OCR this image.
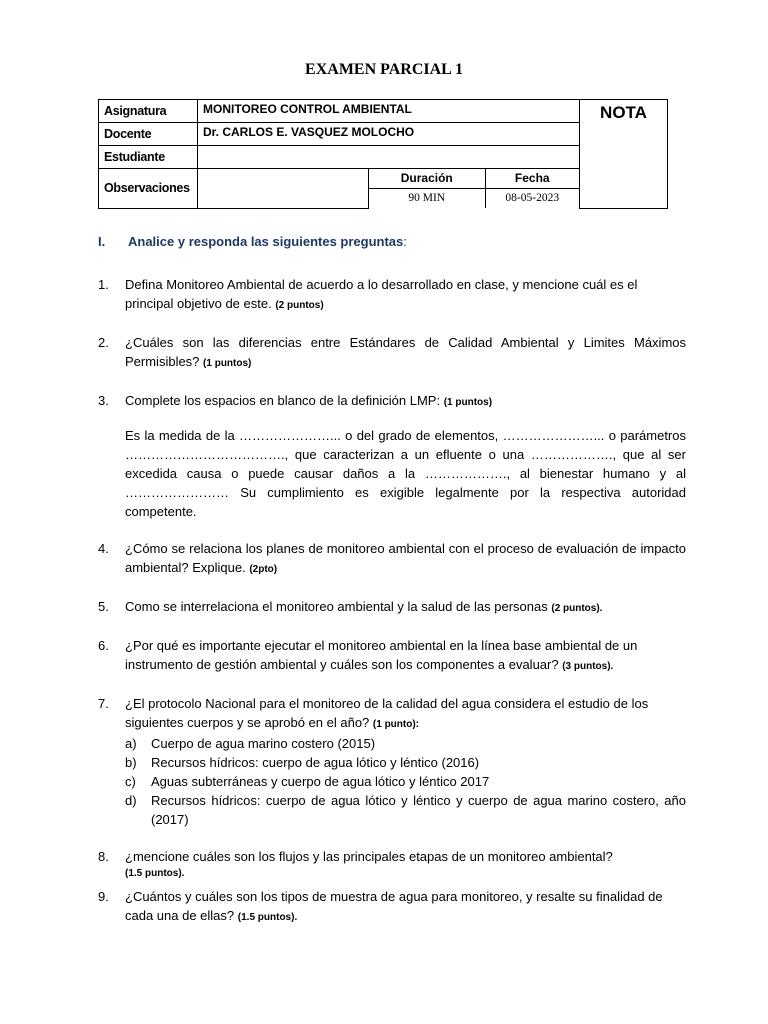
EXAMEN PARCIAL 1
Asignatura	MONITOREO CONTROL AMBIENTAL	NOTA
Docente	Dr. CARLOS E. VASQUEZ MOLOCHO
Estudiante	
Observaciones		
Duración	Fecha
90 MIN	08-05-2023
I.	Analice y responda las siguientes preguntas:
1.	Defina Monitoreo Ambiental de acuerdo a lo desarrollado en clase, y mencione cuál es el principal objetivo de este. (2 puntos)
2.	¿Cuáles son las diferencias entre Estándares de Calidad Ambiental y Limites Máximos Permisibles? (1 puntos)
3.	Complete los espacios en blanco de la definición LMP: (1 puntos)
Es la medida de la …………………... o del grado de elementos, …………………... o parámetros ………………………………., que caracterizan a un efluente o una ………………., que al ser excedida causa o puede causar daños a la ………………., al bienestar humano y al …………………… Su cumplimiento es exigible legalmente por la respectiva autoridad competente.
4.	¿Cómo se relaciona los planes de monitoreo ambiental con el proceso de evaluación de impacto ambiental? Explique. (2pto)
5.	Como se interrelaciona el monitoreo ambiental y la salud de las personas (2 puntos).
6.	¿Por qué es importante ejecutar el monitoreo ambiental en la línea base ambiental de un instrumento de gestión ambiental y cuáles son los componentes a evaluar? (3 puntos).
7.	¿El protocolo Nacional para el monitoreo de la calidad del agua considera el estudio de los siguientes cuerpos y se aprobó en el año? (1 punto):
a)	Cuerpo de agua marino costero (2015)
b)	Recursos hídricos: cuerpo de agua lótico y léntico (2016)
c)	Aguas subterráneas y cuerpo de agua lótico y léntico 2017
d)	Recursos hídricos: cuerpo de agua lótico y léntico y cuerpo de agua marino costero, año (2017)
8.	¿mencione cuáles son los flujos y las principales etapas de un monitoreo ambiental?
(1.5 puntos).
9.	¿Cuántos y cuáles son los tipos de muestra de agua para monitoreo, y resalte su finalidad de cada una de ellas? (1.5 puntos).
